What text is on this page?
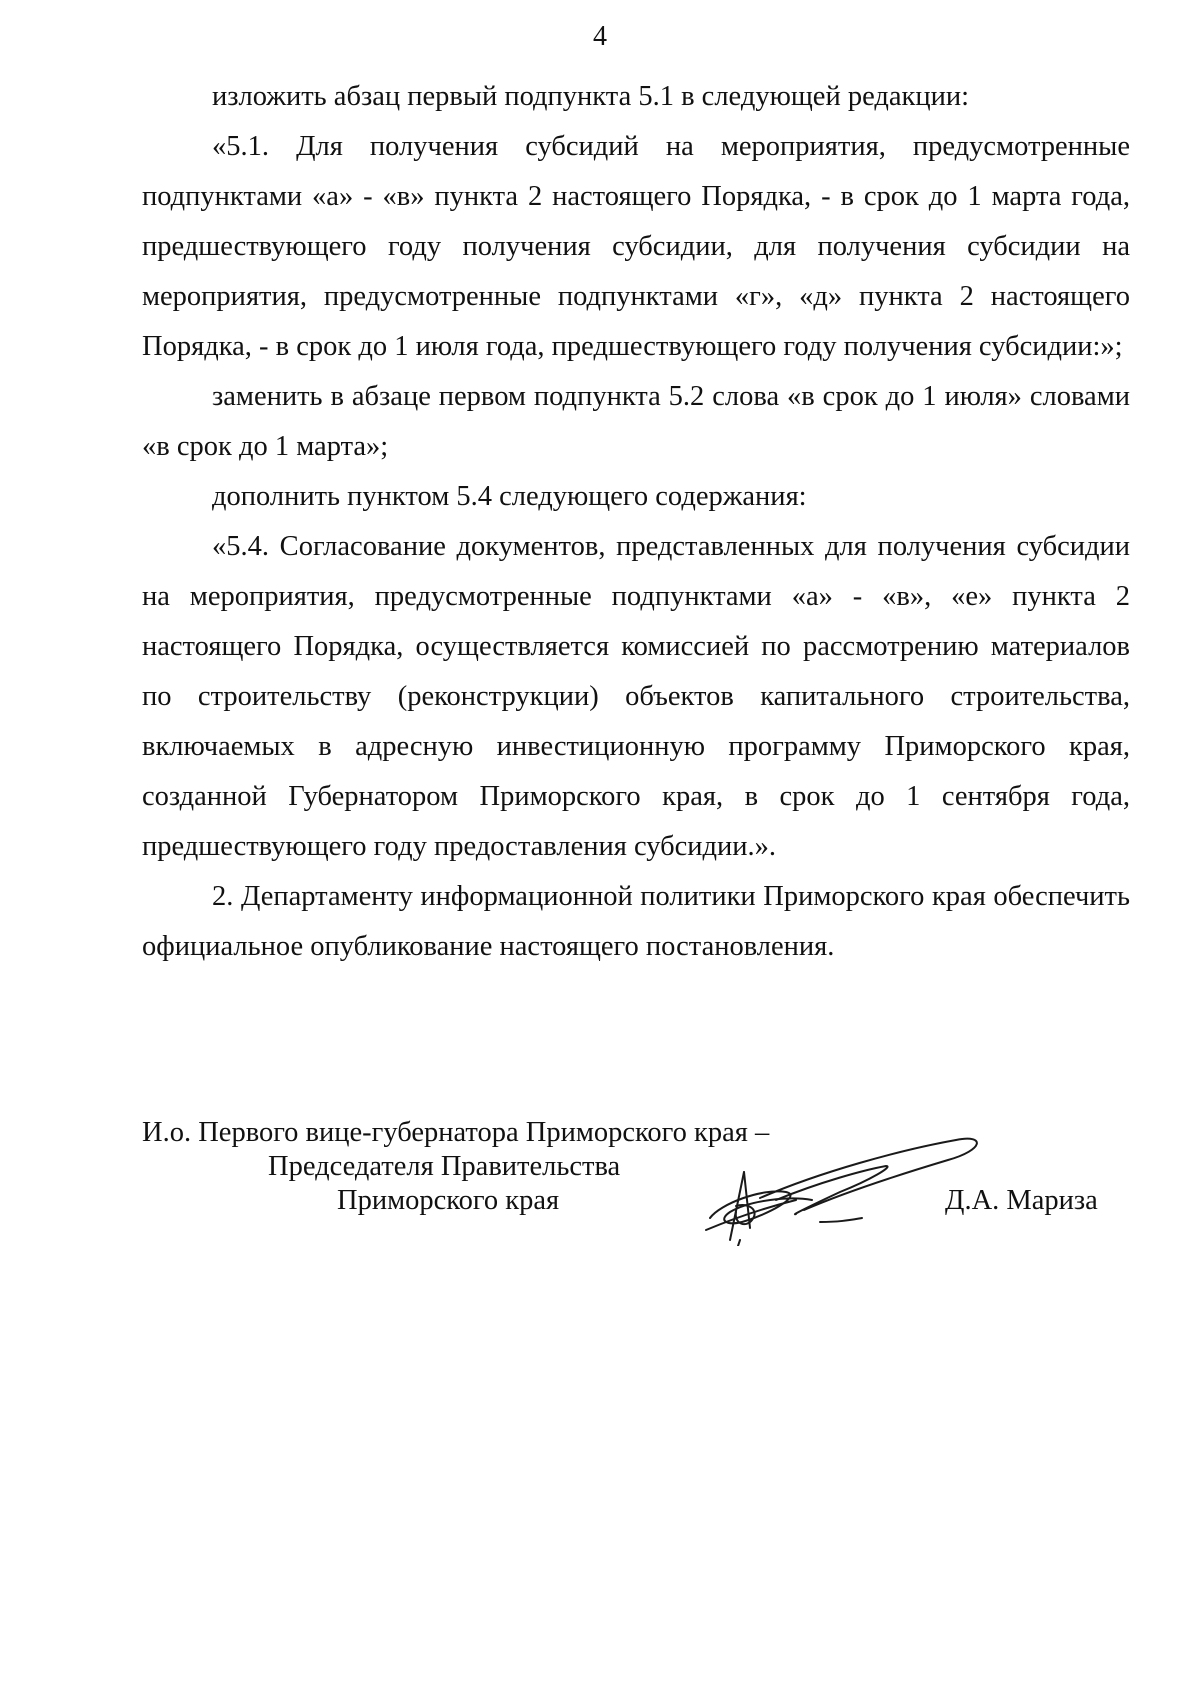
4

изложить абзац первый подпункта 5.1 в следующей редакции:

«5.1. Для получения субсидий на мероприятия, предусмотренные подпунктами «а» - «в» пункта 2 настоящего Порядка, - в срок до 1 марта года, предшествующего году получения субсидии, для получения субсидии на мероприятия, предусмотренные подпунктами «г», «д» пункта 2 настоящего Порядка, - в срок до 1 июля года, предшествующего году получения субсидии:»;

заменить в абзаце первом подпункта 5.2 слова «в срок до 1 июля» словами «в срок до 1 марта»;

дополнить пунктом 5.4 следующего содержания:

«5.4. Согласование документов, представленных для получения субсидии на мероприятия, предусмотренные подпунктами «а» - «в», «е» пункта 2 настоящего Порядка, осуществляется комиссией по рассмотрению материалов по строительству (реконструкции) объектов капитального строительства, включаемых в адресную инвестиционную программу Приморского края, созданной Губернатором Приморского края, в срок до 1 сентября года, предшествующего году предоставления субсидии.».

2. Департаменту информационной политики Приморского края обеспечить официальное опубликование настоящего постановления.

И.о. Первого вице-губернатора Приморского края –
Председателя Правительства
Приморского края	Д.А. Мариза
